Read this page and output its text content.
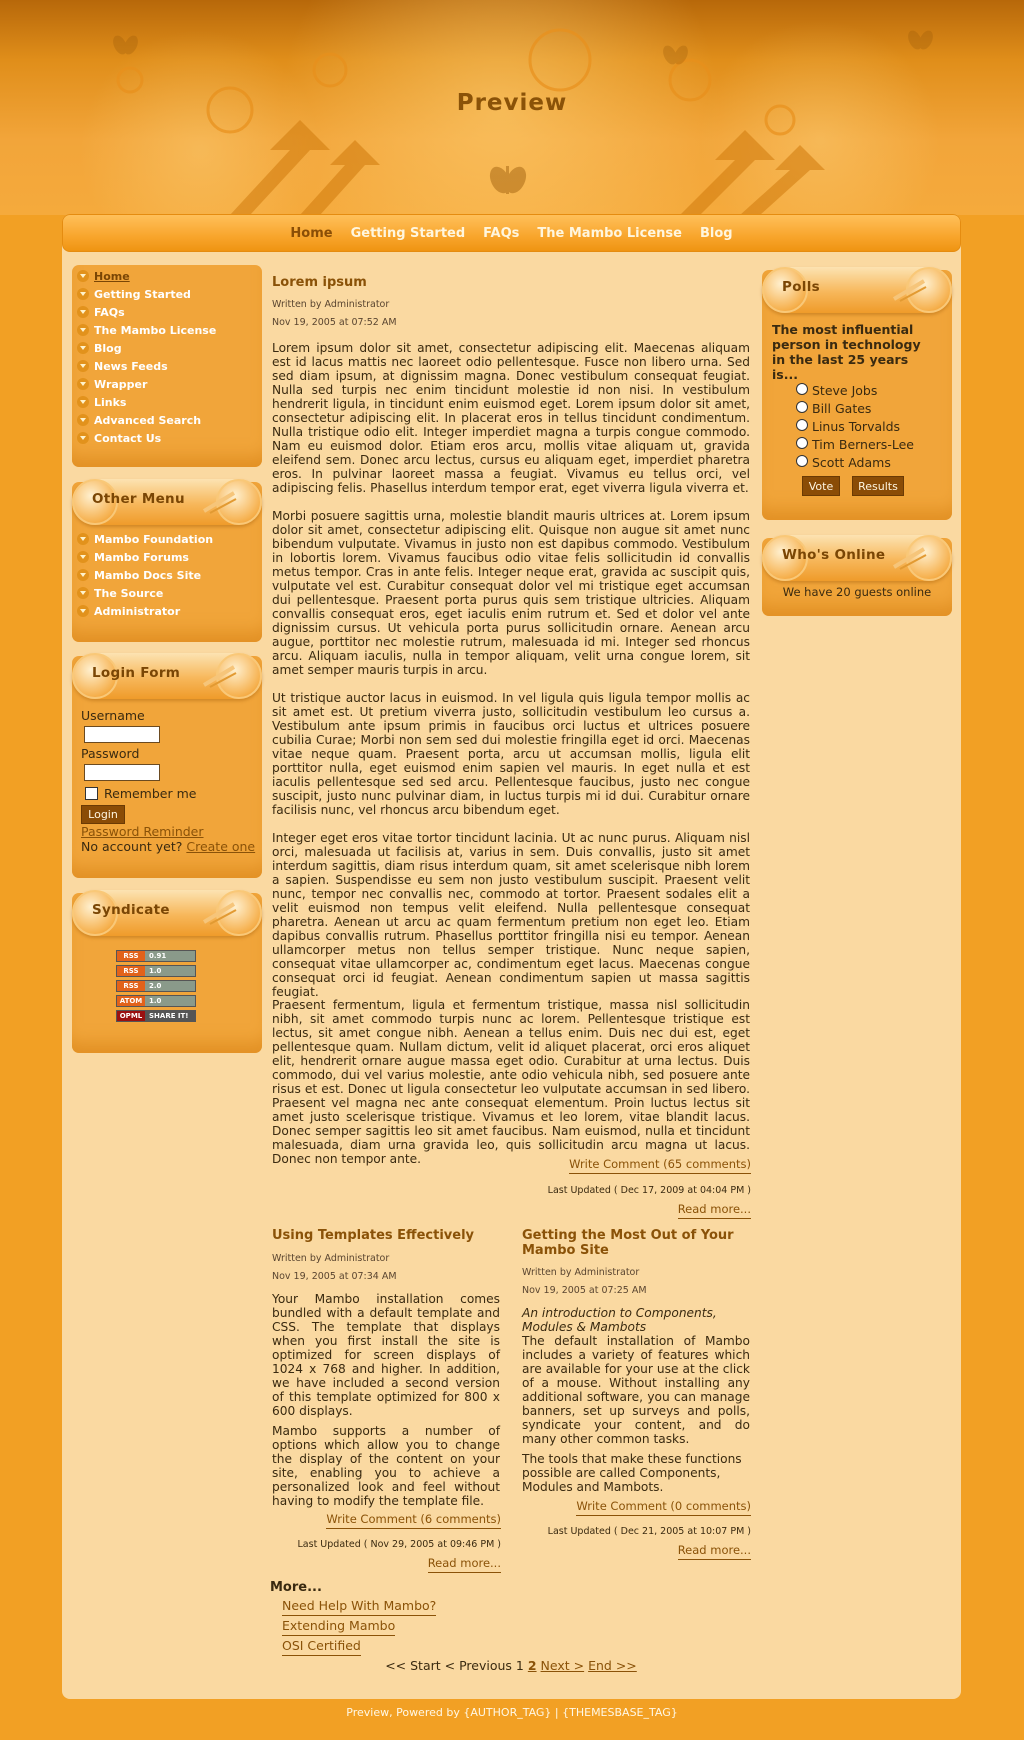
Preview
Home Getting Started FAQs The Mambo License Blog
Home
Getting Started
FAQs
The Mambo License
Blog
News Feeds
Wrapper
Links
Advanced Search
Contact Us
Other Menu
Mambo Foundation
Mambo Forums
Mambo Docs Site
The Source
Administrator
Login Form
Username
Password
Remember me
Login
Password Reminder
No account yet? Create one
Syndicate
RSS	0.91
RSS	1.0
RSS	2.0
ATOM 1.0
OPML SHARE IT!
Polls
The most influential person in technology in the last 25 years is...
Steve Jobs
Bill Gates
Linus Torvalds
Tim Berners-Lee
Scott Adams
Vote	Results
Who's Online
We have 20 guests online
Lorem ipsum
Written by Administrator
Nov 19, 2005 at 07:52 AM

Lorem ipsum dolor sit amet, consectetur adipiscing elit. Maecenas aliquam est id lacus mattis nec laoreet odio pellentesque. Fusce non libero urna. Sed sed diam ipsum, at dignissim magna. Donec vestibulum consequat feugiat. Nulla sed turpis nec enim tincidunt molestie id non nisi. In vestibulum hendrerit ligula, in tincidunt enim euismod eget. Lorem ipsum dolor sit amet, consectetur adipiscing elit. In placerat eros in tellus tincidunt condimentum. Nulla tristique odio elit. Integer imperdiet magna a turpis congue commodo. Nam eu euismod dolor. Etiam eros arcu, mollis vitae aliquam ut, gravida eleifend sem. Donec arcu lectus, cursus eu aliquam eget, imperdiet pharetra eros. In pulvinar laoreet massa a feugiat. Vivamus eu tellus orci, vel adipiscing felis. Phasellus interdum tempor erat, eget viverra ligula viverra et.

Morbi posuere sagittis urna, molestie blandit mauris ultrices at. Lorem ipsum dolor sit amet, consectetur adipiscing elit. Quisque non augue sit amet nunc bibendum vulputate. Vivamus in justo non est dapibus commodo. Vestibulum in lobortis lorem. Vivamus faucibus odio vitae felis sollicitudin id convallis metus tempor. Cras in ante felis. Integer neque erat, gravida ac suscipit quis, vulputate vel est. Curabitur consequat dolor vel mi tristique eget accumsan dui pellentesque. Praesent porta purus quis sem tristique ultricies. Aliquam convallis consequat eros, eget iaculis enim rutrum et. Sed et dolor vel ante dignissim cursus. Ut vehicula porta purus sollicitudin ornare. Aenean arcu augue, porttitor nec molestie rutrum, malesuada id mi. Integer sed rhoncus arcu. Aliquam iaculis, nulla in tempor aliquam, velit urna congue lorem, sit amet semper mauris turpis in arcu.

Ut tristique auctor lacus in euismod. In vel ligula quis ligula tempor mollis ac sit amet est. Ut pretium viverra justo, sollicitudin vestibulum leo cursus a. Vestibulum ante ipsum primis in faucibus orci luctus et ultrices posuere cubilia Curae; Morbi non sem sed dui molestie fringilla eget id orci. Maecenas vitae neque quam. Praesent porta, arcu ut accumsan mollis, ligula elit porttitor nulla, eget euismod enim sapien vel mauris. In eget nulla et est iaculis pellentesque sed sed arcu. Pellentesque faucibus, justo nec congue suscipit, justo nunc pulvinar diam, in luctus turpis mi id dui. Curabitur ornare facilisis nunc, vel rhoncus arcu bibendum eget.

Integer eget eros vitae tortor tincidunt lacinia. Ut ac nunc purus. Aliquam nisl orci, malesuada ut facilisis at, varius in sem. Duis convallis, justo sit amet interdum sagittis, diam risus interdum quam, sit amet scelerisque nibh lorem a sapien. Suspendisse eu sem non justo vestibulum suscipit. Praesent velit nunc, tempor nec convallis nec, commodo at tortor. Praesent sodales elit a velit euismod non tempus velit eleifend. Nulla pellentesque consequat pharetra. Aenean ut arcu ac quam fermentum pretium non eget leo. Etiam dapibus convallis rutrum. Phasellus porttitor fringilla nisi eu tempor. Aenean ullamcorper metus non tellus semper tristique. Nunc neque sapien, consequat vitae ullamcorper ac, condimentum eget lacus. Maecenas congue consequat orci id feugiat. Aenean condimentum sapien ut massa sagittis feugiat.

Praesent fermentum, ligula et fermentum tristique, massa nisl sollicitudin nibh, sit amet commodo turpis nunc ac lorem. Pellentesque tristique est lectus, sit amet congue nibh. Aenean a tellus enim. Duis nec dui est, eget pellentesque quam. Nullam dictum, velit id aliquet placerat, orci eros aliquet elit, hendrerit ornare augue massa eget odio. Curabitur at urna lectus. Duis commodo, dui vel varius molestie, ante odio vehicula nibh, sed posuere ante risus et est. Donec ut ligula consectetur leo vulputate accumsan in sed libero. Praesent vel magna nec ante consequat elementum. Proin luctus lectus sit amet justo scelerisque tristique. Vivamus et leo lorem, vitae blandit lacus. Donec semper sagittis leo sit amet faucibus. Nam euismod, nulla et tincidunt malesuada, diam urna gravida leo, quis sollicitudin arcu magna ut lacus. Donec non tempor ante.	Write Comment (65 comments)
Last Updated ( Dec 17, 2009 at 04:04 PM )
Read more...
Using Templates Effectively
Written by Administrator
Nov 19, 2005 at 07:34 AM

Your Mambo installation comes bundled with a default template and CSS. The template that displays when you first install the site is optimized for screen displays of 1024 x 768 and higher. In addition, we have included a second version of this template optimized for 800 x 600 displays.

Mambo supports a number of options which allow you to change the display of the content on your site, enabling you to achieve a personalized look and feel without having to modify the template file.

Write Comment (6 comments)
Last Updated ( Nov 29, 2005 at 09:46 PM )
Read more...
Getting the Most Out of Your Mambo Site
Written by Administrator
Nov 19, 2005 at 07:25 AM

An introduction to Components, Modules & Mambots

The default installation of Mambo includes a variety of features which are available for your use at the click of a mouse. Without installing any additional software, you can manage banners, set up surveys and polls, syndicate your content, and do many other common tasks.

The tools that make these functions possible are called Components, Modules and Mambots.

Write Comment (0 comments)
Last Updated ( Dec 21, 2005 at 10:07 PM )
Read more...
More...
Need Help With Mambo?
Extending Mambo
OSI Certified
<< Start < Previous 1 2 Next > End >>
Preview, Powered by {AUTHOR_TAG} | {THEMESBASE_TAG}
